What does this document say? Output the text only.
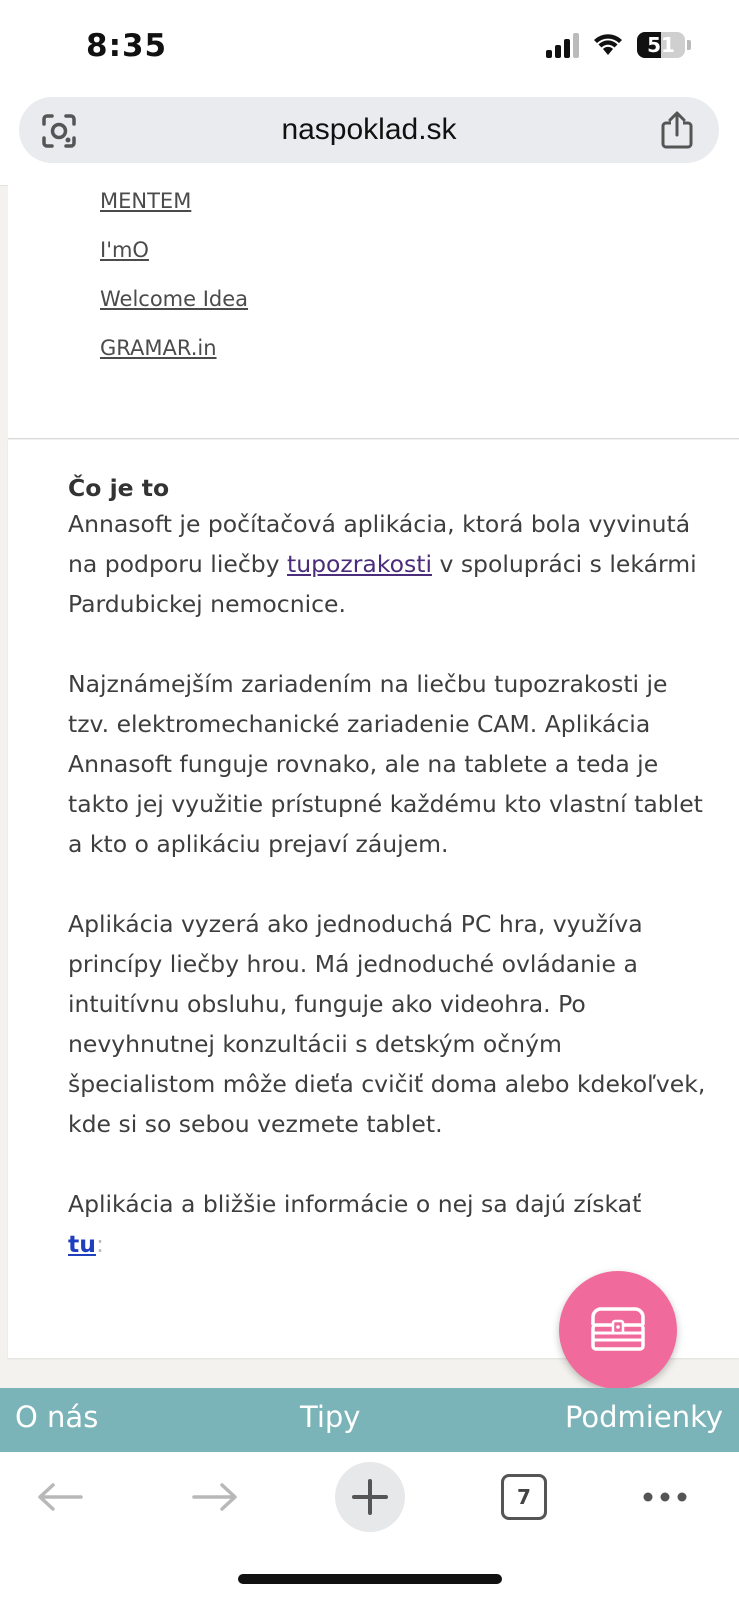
8:35	51
naspoklad.sk
MENTEM
I'mO
Welcome Idea
GRAMAR.in
Čo je to

Annasoft je počítačová aplikácia, ktorá bola vyvinutá na podporu liečby tupozrakosti v spolupráci s lekármi Pardubickej nemocnice.

Najznámejším zariadením na liečbu tupozrakosti je tzv. elektromechanické zariadenie CAM. Aplikácia Annasoft funguje rovnako, ale na tablete a teda je takto jej využitie prístupné každému kto vlastní tablet a kto o aplikáciu prejaví záujem.

Aplikácia vyzerá ako jednoduchá PC hra, využíva princípy liečby hrou. Má jednoduché ovládanie a intuitívnu obsluhu, funguje ako videohra. Po nevyhnutnej konzultácii s detským očným špecialistom môže dieťa cvičiť doma alebo kdekoľvek, kde si so sebou vezmete tablet.

Aplikácia a bližšie informácie o nej sa dajú získať
tu:

O nás	Tipy	Podmienky
7
